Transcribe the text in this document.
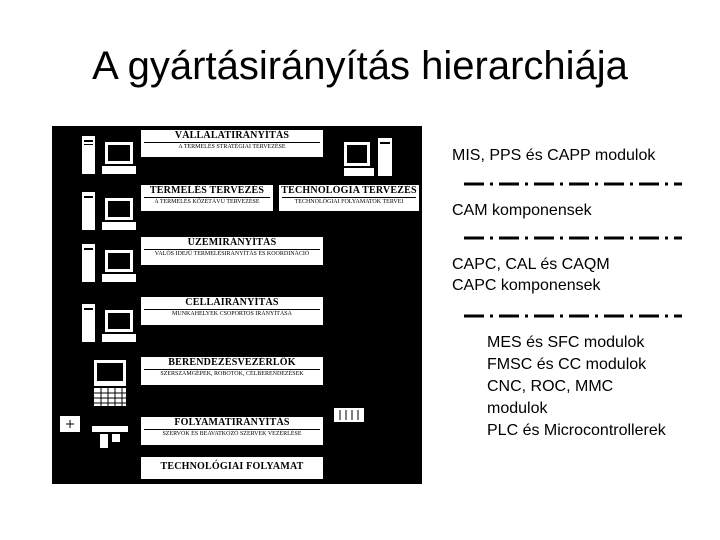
A gyártásirányítás hierarchiája
VÁLLALATIRÁNYÍTÁS
A TERMELÉS STRATÉGIAI TERVEZÉSE
TERMELÉS TERVEZÉS
A TERMELÉS KÖZÉTÁVÚ TERVEZÉSE
TECHNOLÓGIA TERVEZÉS
TECHNOLÓGIAI FOLYAMATOK TERVEI
ÜZEMIRÁNYÍTÁS
VALÓS IDEJŰ TERMELÉSIRÁNYÍTÁS ÉS KOORDINÁCIÓ
CELLAIRÁNYÍTÁS
MUNKAHELYEK CSOPORTOS IRÁNYÍTÁSA
BERENDEZÉSVEZÉRLŐK
SZERSZÁMGÉPEK, ROBOTOK, CÉLBERENDEZÉSEK
FOLYAMATIRÁNYÍTÁS
SZERVÓK ÉS BEAVATKOZÓ SZERVEK VEZÉRLÉSE
TECHNOLÓGIAI FOLYAMAT
MIS, PPS és CAPP modulok
CAM komponensek
CAPC, CAL és CAQM
CAPC komponensek
MES és SFC modulok
FMSC és CC modulok
CNC, ROC, MMC
modulok
PLC és Microcontrollerek
